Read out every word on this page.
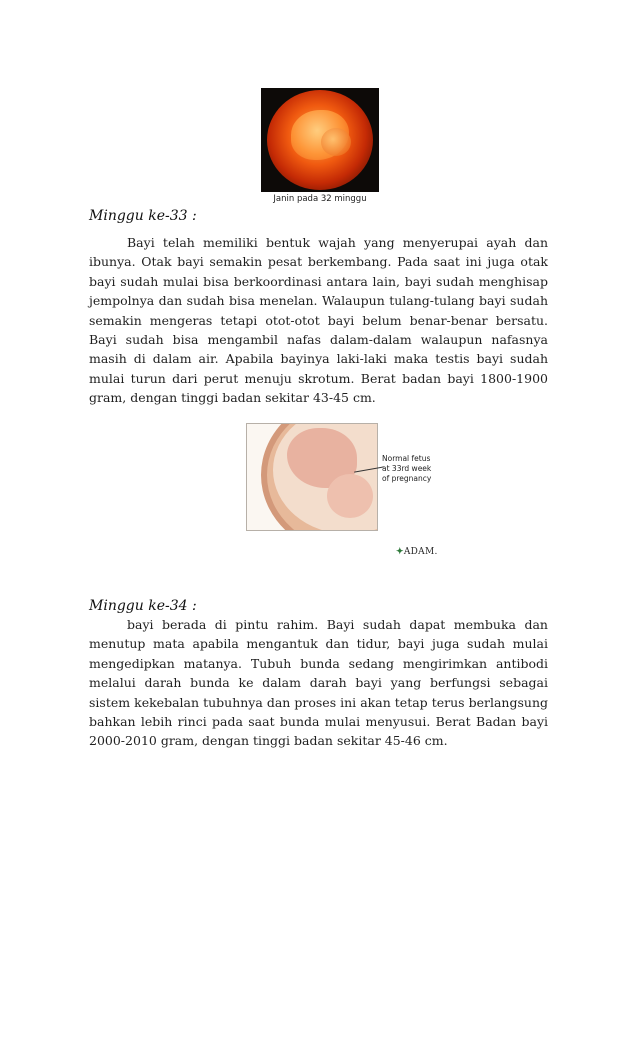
Janin pada 32 minggu
Minggu ke-33 :

Bayi telah memiliki bentuk wajah yang menyerupai ayah dan ibunya. Otak bayi semakin pesat berkembang. Pada saat ini juga otak bayi sudah mulai bisa berkoordinasi antara lain, bayi sudah menghisap jempolnya dan sudah bisa menelan. Walaupun tulang-tulang bayi sudah semakin mengeras tetapi otot-otot bayi belum benar-benar bersatu. Bayi sudah bisa mengambil nafas dalam-dalam walaupun nafasnya masih di dalam air. Apabila bayinya laki-laki maka testis bayi sudah mulai turun dari perut menuju skrotum. Berat badan bayi 1800-1900 gram, dengan tinggi badan sekitar 43-45 cm.

Normal fetus
at 33rd week
of pregnancy
✦ADAM.
Minggu ke-34 :

bayi berada di pintu rahim. Bayi sudah dapat membuka dan menutup mata apabila mengantuk dan tidur, bayi juga sudah mulai mengedipkan matanya. Tubuh bunda sedang mengirimkan antibodi melalui darah bunda ke dalam darah bayi yang berfungsi sebagai sistem kekebalan tubuhnya dan proses ini akan tetap terus berlangsung bahkan lebih rinci pada saat bunda mulai menyusui. Berat Badan bayi 2000-2010 gram, dengan tinggi badan sekitar 45-46 cm.
